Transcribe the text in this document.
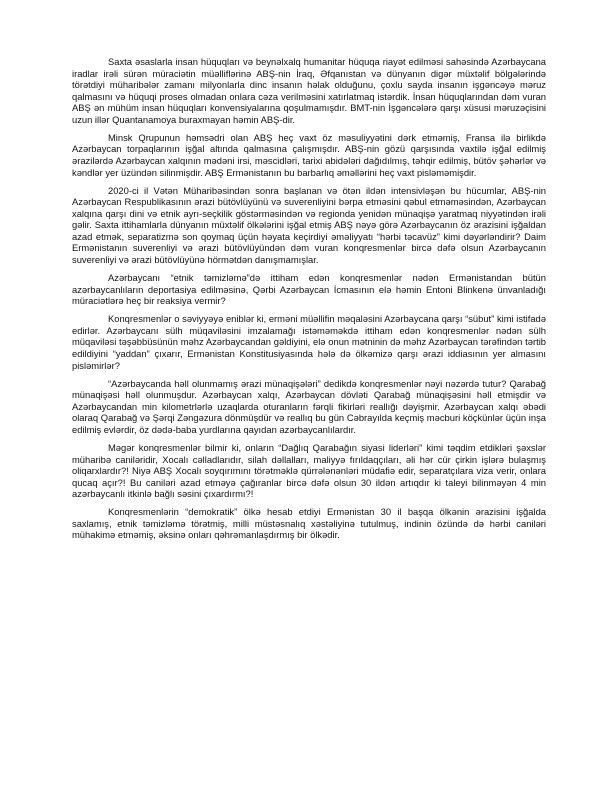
Saxta əsaslarla insan hüquqları və beynəlxalq humanitar hüquqa riayət edilməsi sahəsində Azərbaycana iradlar irəli sürən müraciətin müəlliflərinə ABŞ-nin İraq, Əfqanıstan və dünyanın digər müxtəlif bölgələrində törətdiyi müharibələr zamanı milyonlarla dinc insanın həlak olduğunu, çoxlu sayda insanın işgəncəyə məruz qalmasını və hüquqi proses olmadan onlara cəza verilməsini xatırlatmaq istərdik. İnsan hüquqlarından dəm vuran ABŞ ən mühüm insan hüquqları konvensiyalarına qoşulmamışdır. BMT-nin İşgəncələrə qarşı xüsusi məruzəçisini uzun illər Quantanamoya buraxmayan həmin ABŞ-dir.

Minsk Qrupunun həmsədri olan ABŞ heç vaxt öz məsuliyyətini dərk etməmiş, Fransa ilə birlikdə Azərbaycan torpaqlarının işğal altında qalmasına çalışmışdır. ABŞ-nin gözü qarşısında vaxtilə işğal edilmiş ərazilərdə Azərbaycan xalqının mədəni irsi, məscidləri, tarixi abidələri dağıdılmış, təhqir edilmiş, bütöv şəhərlər və kəndlər yer üzündən silinmişdir. ABŞ Ermənistanın bu barbarlıq əməllərini heç vaxt pisləməmişdir.

2020-ci il Vətən Müharibəsindən sonra başlanan və ötən ildən intensivləşən bu hücumlar, ABŞ-nin Azərbaycan Respublikasının ərazi bütövlüyünü və suverenliyini bərpa etməsini qəbul etməməsindən, Azərbaycan xalqına qarşı dini və etnik ayrı-seçkilik göstərməsindən və regionda yenidən münaqişə yaratmaq niyyətindən irəli gəlir. Saxta ittihamlarla dünyanın müxtəlif ölkələrini işğal etmiş ABŞ nəyə görə Azərbaycanın öz ərazisini işğaldan azad etmək, separatizmə son qoymaq üçün həyata keçirdiyi əməliyyatı “hərbi təcavüz” kimi dəyərləndirir? Daim Ermənistanın suverenliyi və ərazi bütövlüyündən dəm vuran konqresmenlər bircə dəfə olsun Azərbaycanın suverenliyi və ərazi bütövlüyünə hörmətdən danışmamışlar.

Azərbaycanı “etnik təmizləmə”də ittiham edən konqresmenlər nədən Ermənistandan bütün azərbaycanlıların deportasiya edilməsinə, Qərbi Azərbaycan İcmasının elə həmin Entoni Blinkenə ünvanladığı müraciətlərə heç bir reaksiya vermir?

Konqresmenlər o səviyyəyə eniblər ki, erməni müəllifin məqaləsini Azərbaycana qarşı “sübut” kimi istifadə edirlər. Azərbaycanı sülh müqaviləsini imzalamağı istəməməkdə ittiham edən konqresmenlər nədən sülh müqaviləsi təşəbbüsünün məhz Azərbaycandan gəldiyini, elə onun mətninin də məhz Azərbaycan tərəfindən tərtib edildiyini “yaddan” çıxarır, Ermənistan Konstitusiyasında hələ də ölkəmizə qarşı ərazi iddiasının yer almasını pisləmirlər?

“Azərbaycanda həll olunmamış ərazi münaqişələri” dedikdə konqresmenlər nəyi nəzərdə tutur? Qarabağ münaqişəsi həll olunmuşdur. Azərbaycan xalqı, Azərbaycan dövləti Qarabağ münaqişəsini həll etmişdir və Azərbaycandan min kilometrlərlə uzaqlarda oturanların fərqli fikirləri reallığı dəyişmir. Azərbaycan xalqı əbədi olaraq Qarabağ və Şərqi Zəngəzura dönmüşdür və reallıq bu gün Cəbrayılda keçmiş məcburi köçkünlər üçün inşa edilmiş evlərdir, öz dədə-baba yurdlarına qayıdan azərbaycanlılardır.

Məgər konqresmenlər bilmir ki, onların “Dağlıq Qarabağın siyasi liderləri” kimi təqdim etdikləri şəxslər müharibə caniləridir, Xocalı cəlladlarıdır, silah dəllalları, maliyyə fırıldaqçıları, əli hər cür çirkin işlərə bulaşmış oliqarxlardır?! Niyə ABŞ Xocalı soyqırımını törətməklə qürrələnənləri müdafiə edir, separatçılara viza verir, onlara qucaq açır?! Bu caniləri azad etməyə çağıranlar bircə dəfə olsun 30 ildən artıqdır ki taleyi bilinməyən 4 min azərbaycanlı itkinlə bağlı səsini çıxardırmı?!

Konqresmenlərin “demokratik” ölkə hesab etdiyi Ermənistan 30 il başqa ölkənin ərazisini işğalda saxlamış, etnik təmizləmə törətmiş, milli müstəsnalıq xəstəliyinə tutulmuş, indinin özündə də hərbi caniləri mühakimə etməmiş, əksinə onları qəhrəmanlaşdırmış bir ölkədir.
